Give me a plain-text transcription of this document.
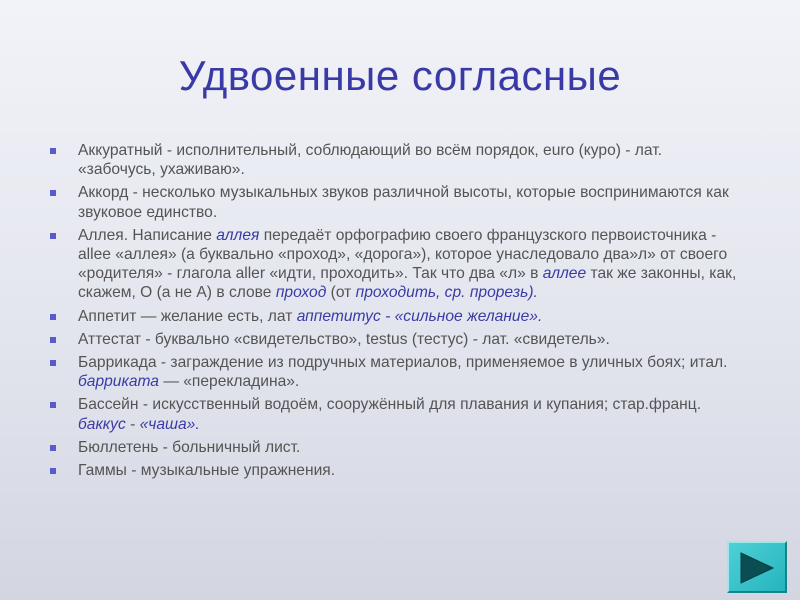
Удвоенные согласные
Аккуратный - исполнительный, соблюдающий во всём порядок, euro (куро) - лат. «забочусь, ухаживаю».
Аккорд - несколько музыкальных звуков различной высоты, которые воспринимаются как звуковое единство.
Аллея. Написание аллея передаёт орфографию своего французского первоисточника - allee «аллея» (а буквально «проход», «дорога»), которое унаследовало два»л» от своего «родителя» - глагола aller «идти, проходить». Так что два «л» в аллее так же законны, как, скажем, О (а не А) в слове проход (от проходить, ср. прорезь).
Аппетит — желание есть, лат аппетитус - «сильное желание».
Аттестат - буквально «свидетельство», testus (тестус) - лат. «свидетель».
Баррикада - заграждение из подручных материалов, применяемое в уличных боях; итал. барриката — «перекладина».
Бассейн - искусственный водоём, сооружённый для плавания и купания; стар.франц. баккус - «чаша».
Бюллетень - больничный лист.
Гаммы - музыкальные упражнения.
